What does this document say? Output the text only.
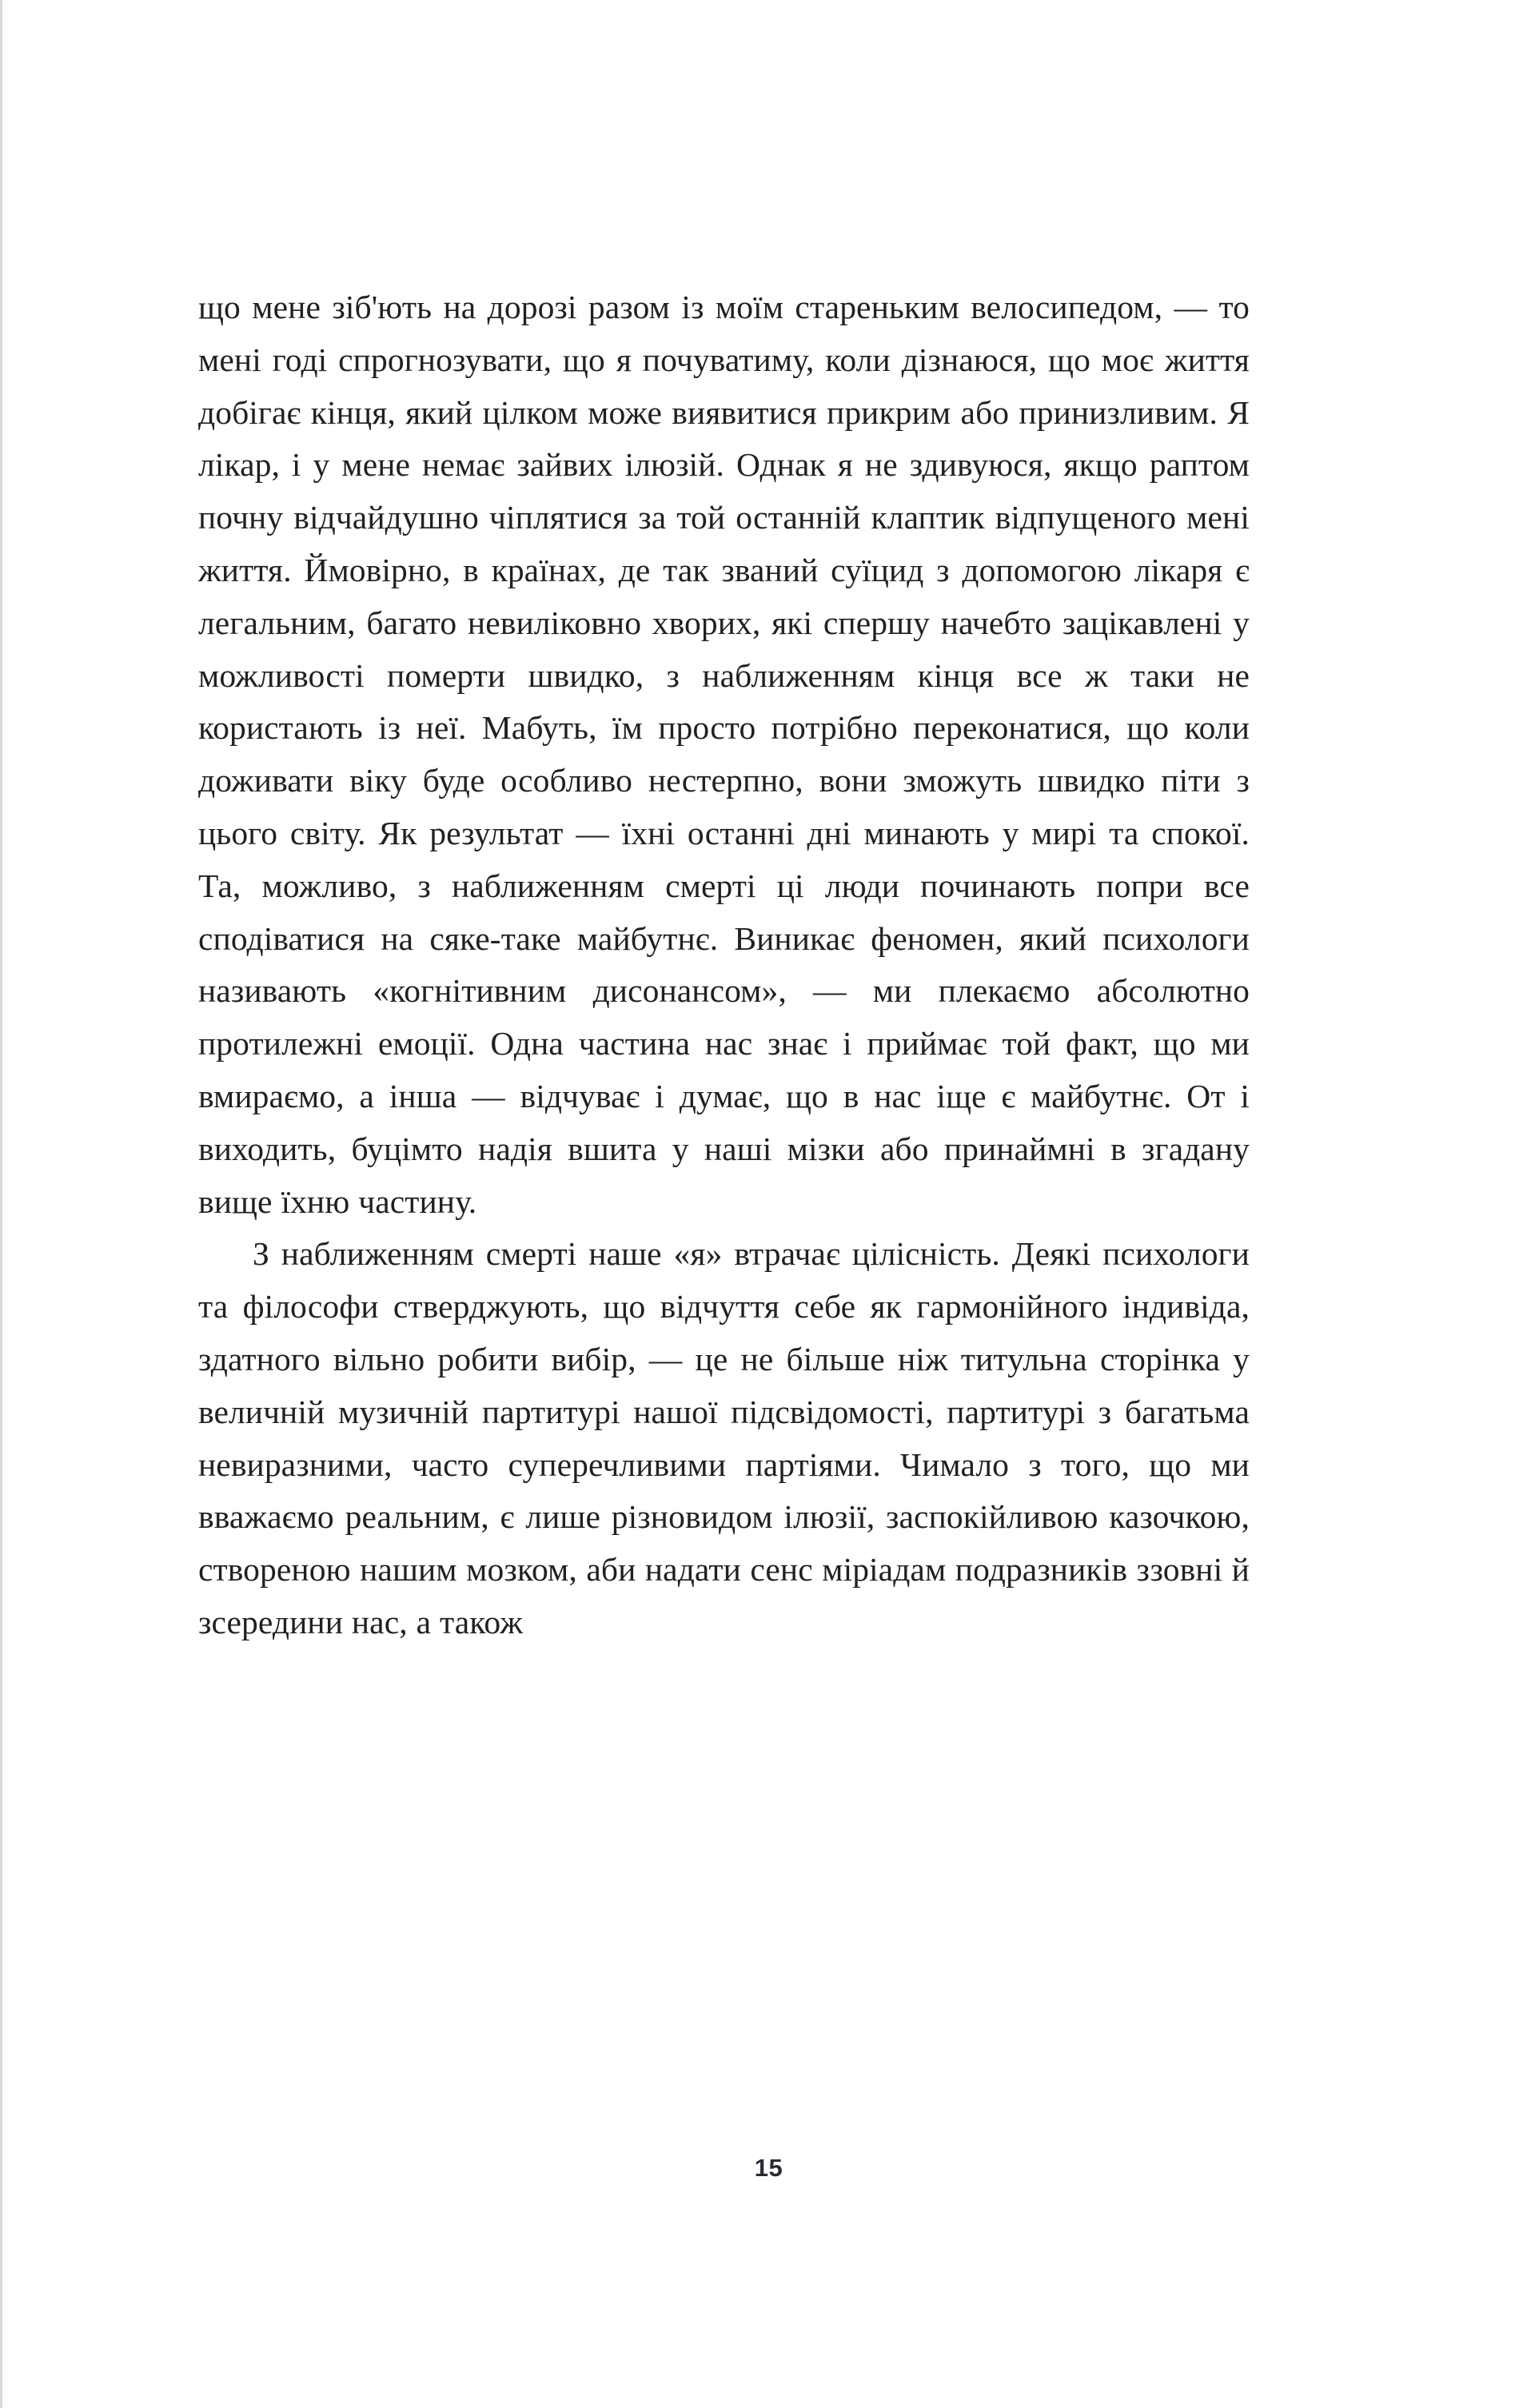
що мене зіб'ють на дорозі разом із моїм стареньким велосипедом, — то мені годі спрогнозувати, що я почуватиму, коли дізнаюся, що моє життя добігає кінця, який цілком може виявитися прикрим або принизливим. Я лікар, і у мене немає зайвих ілюзій. Однак я не здивуюся, якщо раптом почну відчайдушно чіплятися за той останній клаптик відпущеного мені життя. Ймовірно, в країнах, де так званий суїцид з допомогою лікаря є легальним, багато невиліковно хворих, які спершу начебто зацікавлені у можливості померти швидко, з наближенням кінця все ж таки не користають із неї. Мабуть, їм просто потрібно переконатися, що коли доживати віку буде особливо нестерпно, вони зможуть швидко піти з цього світу. Як результат — їхні останні дні минають у мирі та спокої. Та, можливо, з наближенням смерті ці люди починають попри все сподіватися на сяке-таке майбутнє. Виникає феномен, який психологи називають «когнітивним дисонансом», — ми плекаємо абсолютно протилежні емоції. Одна частина нас знає і приймає той факт, що ми вмираємо, а інша — відчуває і думає, що в нас іще є майбутнє. От і виходить, буцімто надія вшита у наші мізки або принаймні в згадану вище їхню частину.

З наближенням смерті наше «я» втрачає цілісність. Деякі психологи та філософи стверджують, що відчуття себе як гармонійного індивіда, здатного вільно робити вибір, — це не більше ніж титульна сторінка у величній музичній партитурі нашої підсвідомості, партитурі з багатьма невиразними, часто суперечливими партіями. Чимало з того, що ми вважаємо реальним, є лише різновидом ілюзії, заспокійливою казочкою, створеною нашим мозком, аби надати сенс міріадам подразників ззовні й зсередини нас, а також

15
